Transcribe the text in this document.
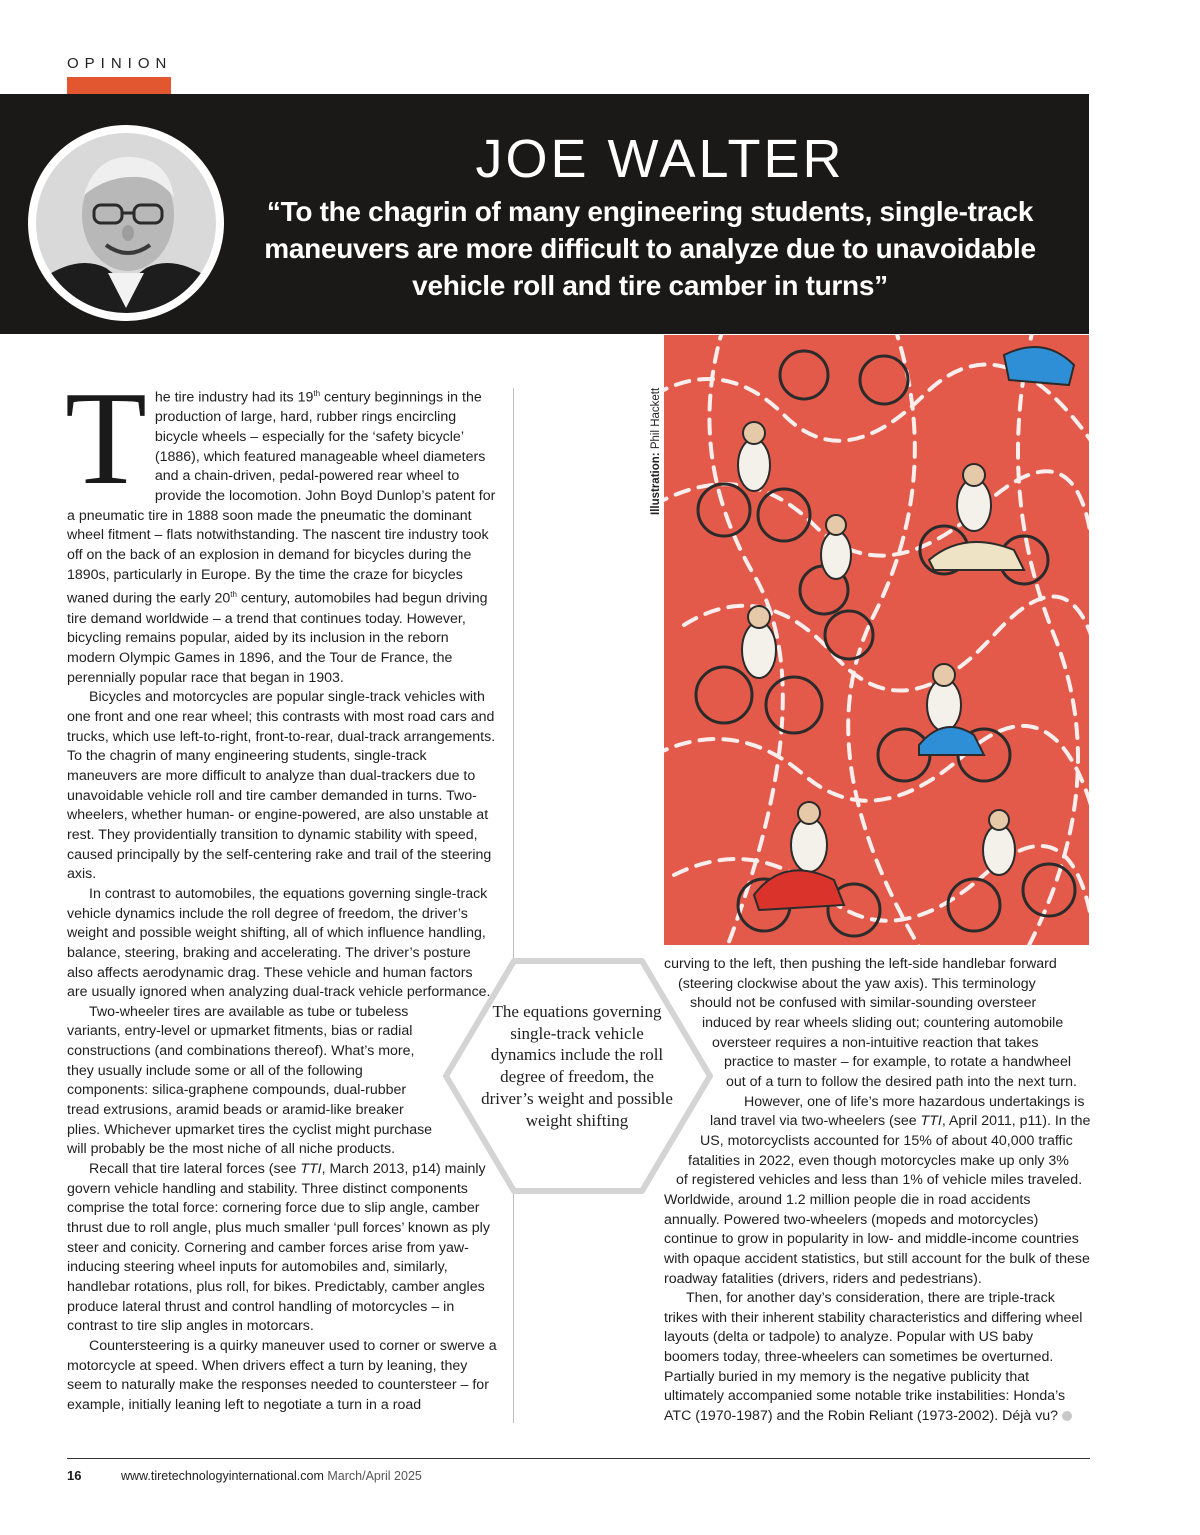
OPINION
JOE WALTER

“To the chagrin of many engineering students, single-track maneuvers are more difficult to analyze due to unavoidable vehicle roll and tire camber in turns”

The tire industry had its 19th century beginnings in the production of large, hard, rubber rings encircling bicycle wheels – especially for the ‘safety bicycle’ (1886), which featured manageable wheel diameters and a chain-driven, pedal-powered rear wheel to provide the locomotion. John Boyd Dunlop’s patent for a pneumatic tire in 1888 soon made the pneumatic the dominant wheel fitment – flats notwithstanding. The nascent tire industry took off on the back of an explosion in demand for bicycles during the 1890s, particularly in Europe. By the time the craze for bicycles waned during the early 20th century, automobiles had begun driving tire demand worldwide – a trend that continues today. However, bicycling remains popular, aided by its inclusion in the reborn modern Olympic Games in 1896, and the Tour de France, the perennially popular race that began in 1903.

Bicycles and motorcycles are popular single-track vehicles with one front and one rear wheel; this contrasts with most road cars and trucks, which use left-to-right, front-to-rear, dual-track arrangements. To the chagrin of many engineering students, single-track maneuvers are more difficult to analyze than dual-trackers due to unavoidable vehicle roll and tire camber demanded in turns. Two-wheelers, whether human- or engine-powered, are also unstable at rest. They providentially transition to dynamic stability with speed, caused principally by the self-centering rake and trail of the steering axis.

In contrast to automobiles, the equations governing single-track vehicle dynamics include the roll degree of freedom, the driver’s weight and possible weight shifting, all of which influence handling, balance, steering, braking and accelerating. The driver’s posture also affects aerodynamic drag. These vehicle and human factors are usually ignored when analyzing dual-track vehicle performance.

Two-wheeler tires are available as tube or tubeless variants, entry-level or upmarket fitments, bias or radial constructions (and combinations thereof). What’s more, they usually include some or all of the following components: silica-graphene compounds, dual-rubber tread extrusions, aramid beads or aramid-like breaker plies. Whichever upmarket tires the cyclist might purchase will probably be the most niche of all niche products.

Recall that tire lateral forces (see TTI, March 2013, p14) mainly govern vehicle handling and stability. Three distinct components comprise the total force: cornering force due to slip angle, camber thrust due to roll angle, plus much smaller ‘pull forces’ known as ply steer and conicity. Cornering and camber forces arise from yaw-inducing steering wheel inputs for automobiles and, similarly, handlebar rotations, plus roll, for bikes. Predictably, camber angles produce lateral thrust and control handling of motorcycles – in contrast to tire slip angles in motorcars.

Countersteering is a quirky maneuver used to corner or swerve a motorcycle at speed. When drivers effect a turn by leaning, they seem to naturally make the responses needed to countersteer – for example, initially leaning left to negotiate a turn in a road

Illustration: Phil Hackett

The equations governing single-track vehicle dynamics include the roll degree of freedom, the driver’s weight and possible weight shifting

curving to the left, then pushing the left-side handlebar forward
(steering clockwise about the yaw axis). This terminology
should not be confused with similar-sounding oversteer
induced by rear wheels sliding out; countering automobile
oversteer requires a non-intuitive reaction that takes
practice to master – for example, to rotate a handwheel
out of a turn to follow the desired path into the next turn.
However, one of life’s more hazardous undertakings is
land travel via two-wheelers (see TTI, April 2011, p11). In the
US, motorcyclists accounted for 15% of about 40,000 traffic
fatalities in 2022, even though motorcycles make up only 3%
of registered vehicles and less than 1% of vehicle miles traveled.

Worldwide, around 1.2 million people die in road accidents annually. Powered two-wheelers (mopeds and motorcycles) continue to grow in popularity in low- and middle-income countries with opaque accident statistics, but still account for the bulk of these roadway fatalities (drivers, riders and pedestrians).

Then, for another day’s consideration, there are triple-track trikes with their inherent stability characteristics and differing wheel layouts (delta or tadpole) to analyze. Popular with US baby boomers today, three-wheelers can sometimes be overturned. Partially buried in my memory is the negative publicity that ultimately accompanied some notable trike instabilities: Honda’s ATC (1970-1987) and the Robin Reliant (1973-2002). Déjà vu?

16	www.tiretechnologyinternational.com March/April 2025
